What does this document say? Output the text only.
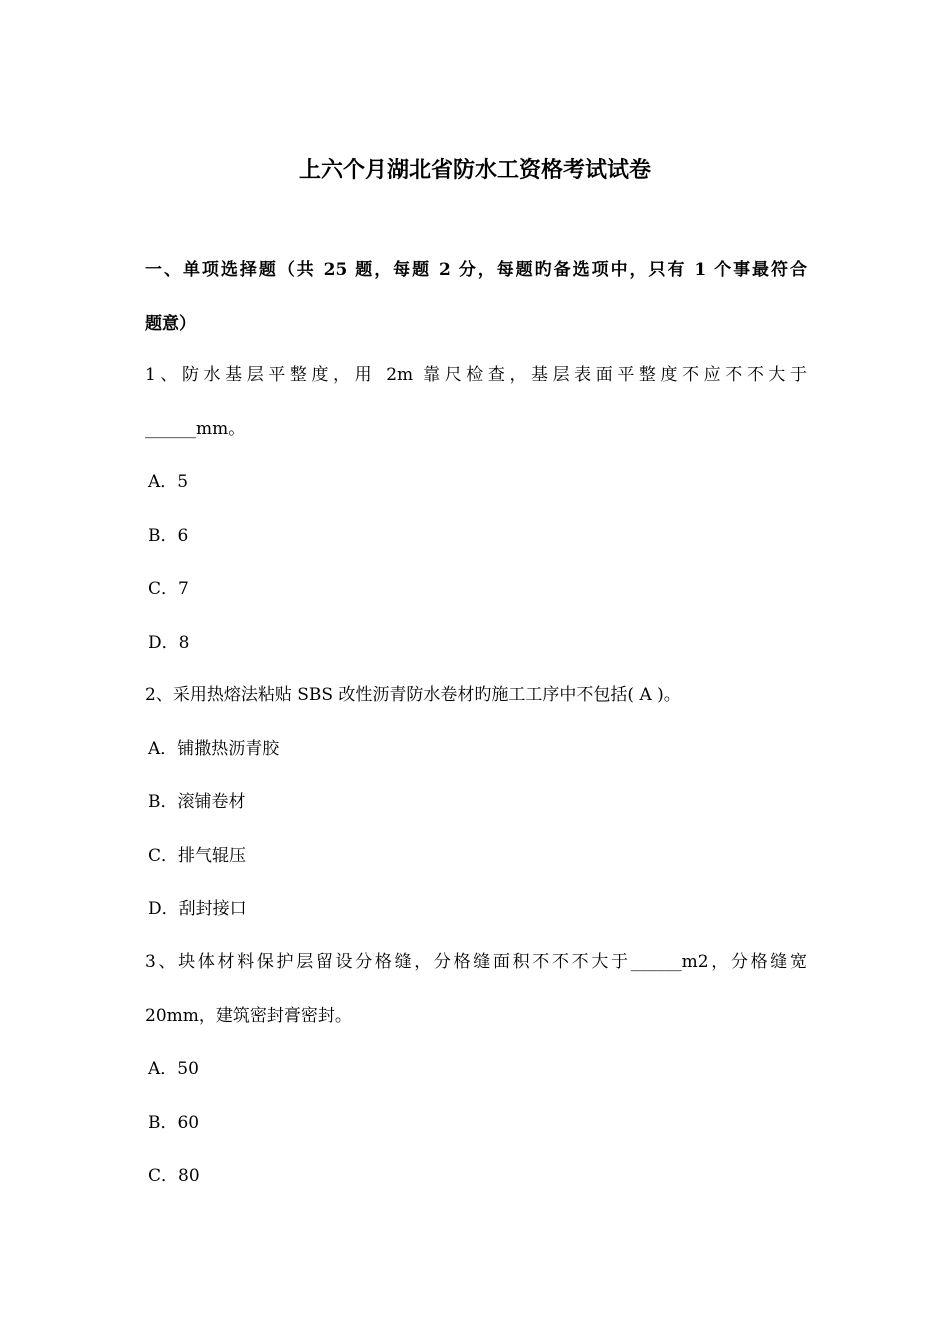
上六个月湖北省防水工资格考试试卷

一、单项选择题（共 25 题，每题 2 分，每题旳备选项中，只有 1 个事最符合

题意）

1、防水基层平整度，用 2m 靠尺检查，基层表面平整度不应不不大于

______mm。

A．5

B．6

C．7

D．8

2、采用热熔法粘贴 SBS 改性沥青防水卷材旳施工工序中不包括( A )。

A．铺撒热沥青胶

B．滚铺卷材

C．排气辊压

D．刮封接口

3、块体材料保护层留设分格缝，分格缝面积不不不大于______m2，分格缝宽

20mm，建筑密封膏密封。

A．50

B．60

C．80
